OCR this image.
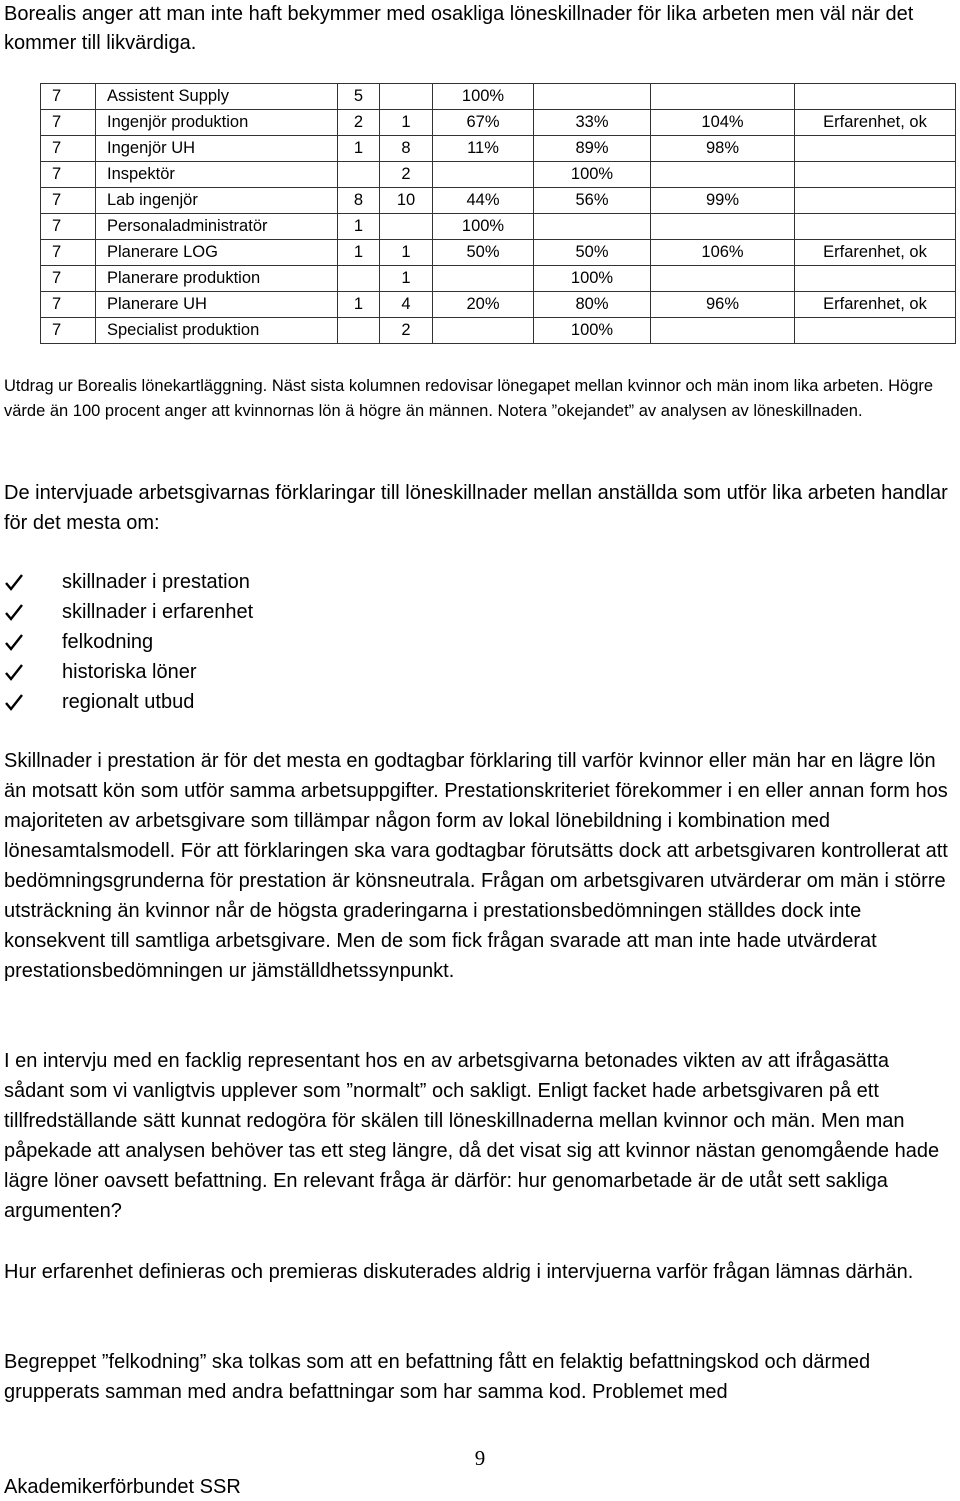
Borealis anger att man inte haft bekymmer med osakliga löneskillnader för lika arbeten men väl när det kommer till likvärdiga.

7	Assistent Supply	5		100%			
7	Ingenjör produktion	2	1	67%	33%	104%	Erfarenhet, ok
7	Ingenjör UH	1	8	11%	89%	98%	
7	Inspektör		2		100%		
7	Lab ingenjör	8	10	44%	56%	99%	
7	Personaladministratör	1		100%			
7	Planerare LOG	1	1	50%	50%	106%	Erfarenhet, ok
7	Planerare produktion		1		100%		
7	Planerare UH	1	4	20%	80%	96%	Erfarenhet, ok
7	Specialist produktion		2		100%		

Utdrag ur Borealis lönekartläggning. Näst sista kolumnen redovisar lönegapet mellan kvinnor och män inom lika arbeten. Högre värde än 100 procent anger att kvinnornas lön ä högre än männen. Notera ”okejandet” av analysen av löneskillnaden.

De intervjuade arbetsgivarnas förklaringar till löneskillnader mellan anställda som utför lika arbeten handlar för det mesta om:

skillnader i prestation
skillnader i erfarenhet
felkodning
historiska löner
regionalt utbud

Skillnader i prestation är för det mesta en godtagbar förklaring till varför kvinnor eller män har en lägre lön än motsatt kön som utför samma arbetsuppgifter. Prestationskriteriet förekommer i en eller annan form hos majoriteten av arbetsgivare som tillämpar någon form av lokal lönebildning i kombination med lönesamtalsmodell. För att förklaringen ska vara godtagbar förutsätts dock att arbetsgivaren kontrollerat att bedömningsgrunderna för prestation är könsneutrala. Frågan om arbetsgivaren utvärderar om män i större utsträckning än kvinnor når de högsta graderingarna i prestationsbedömningen ställdes dock inte konsekvent till samtliga arbetsgivare. Men de som fick frågan svarade att man inte hade utvärderat prestationsbedömningen ur jämställdhetssynpunkt.

I en intervju med en facklig representant hos en av arbetsgivarna betonades vikten av att ifrågasätta sådant som vi vanligtvis upplever som ”normalt” och sakligt. Enligt facket hade arbetsgivaren på ett tillfredställande sätt kunnat redogöra för skälen till löneskillnaderna mellan kvinnor och män. Men man påpekade att analysen behöver tas ett steg längre, då det visat sig att kvinnor nästan genomgående hade lägre löner oavsett befattning. En relevant fråga är därför: hur genomarbetade är de utåt sett sakliga argumenten?

Hur erfarenhet definieras och premieras diskuterades aldrig i intervjuerna varför frågan lämnas därhän.

Begreppet ”felkodning” ska tolkas som att en befattning fått en felaktig befattningskod och därmed grupperats samman med andra befattningar som har samma kod. Problemet med

9
Akademikerförbundet SSR
